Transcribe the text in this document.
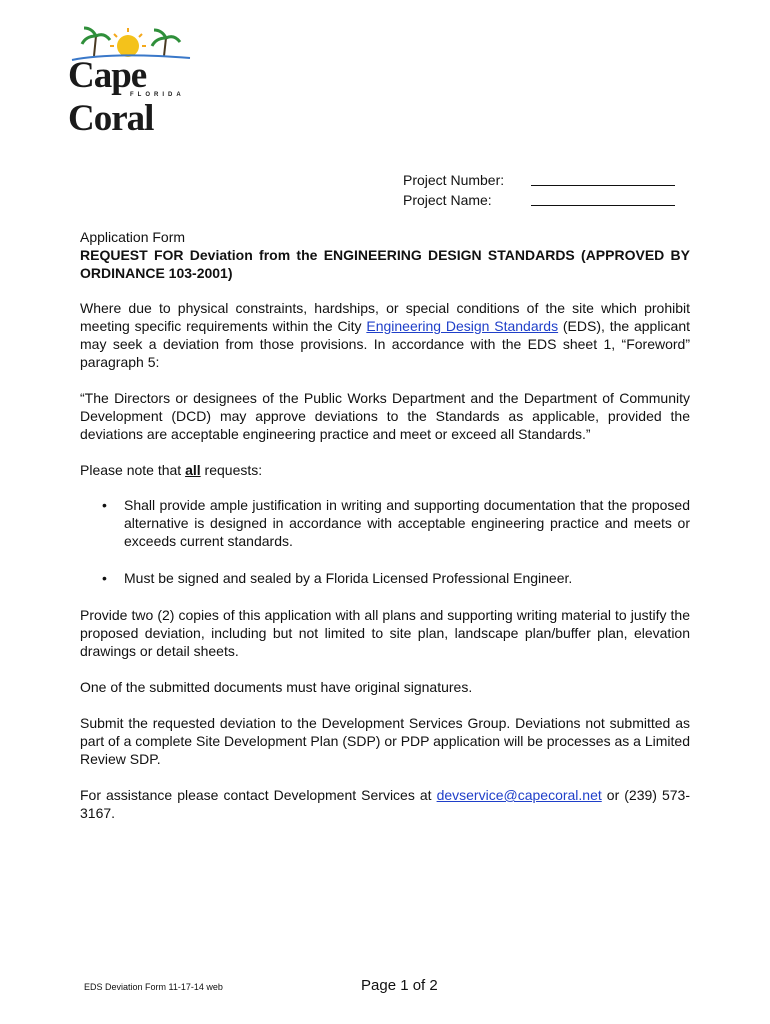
Cape Coral
FLORIDA
Project Number:
Project Name:

Application Form

REQUEST FOR Deviation from the ENGINEERING DESIGN STANDARDS (APPROVED BY ORDINANCE 103-2001)

Where due to physical constraints, hardships, or special conditions of the site which prohibit meeting specific requirements within the City Engineering Design Standards (EDS), the applicant may seek a deviation from those provisions. In accordance with the EDS sheet 1, “Foreword” paragraph 5:

“The Directors or designees of the Public Works Department and the Department of Community Development (DCD) may approve deviations to the Standards as applicable, provided the deviations are acceptable engineering practice and meet or exceed all Standards.”

Please note that all requests:

• Shall provide ample justification in writing and supporting documentation that the proposed alternative is designed in accordance with acceptable engineering practice and meets or exceeds current standards.
• Must be signed and sealed by a Florida Licensed Professional Engineer.

Provide two (2) copies of this application with all plans and supporting writing material to justify the proposed deviation, including but not limited to site plan, landscape plan/buffer plan, elevation drawings or detail sheets.

One of the submitted documents must have original signatures.

Submit the requested deviation to the Development Services Group. Deviations not submitted as part of a complete Site Development Plan (SDP) or PDP application will be processes as a Limited Review SDP.

For assistance please contact Development Services at devservice@capecoral.net or (239) 573-3167.

EDS Deviation Form 11-17-14 web	Page 1 of 2
